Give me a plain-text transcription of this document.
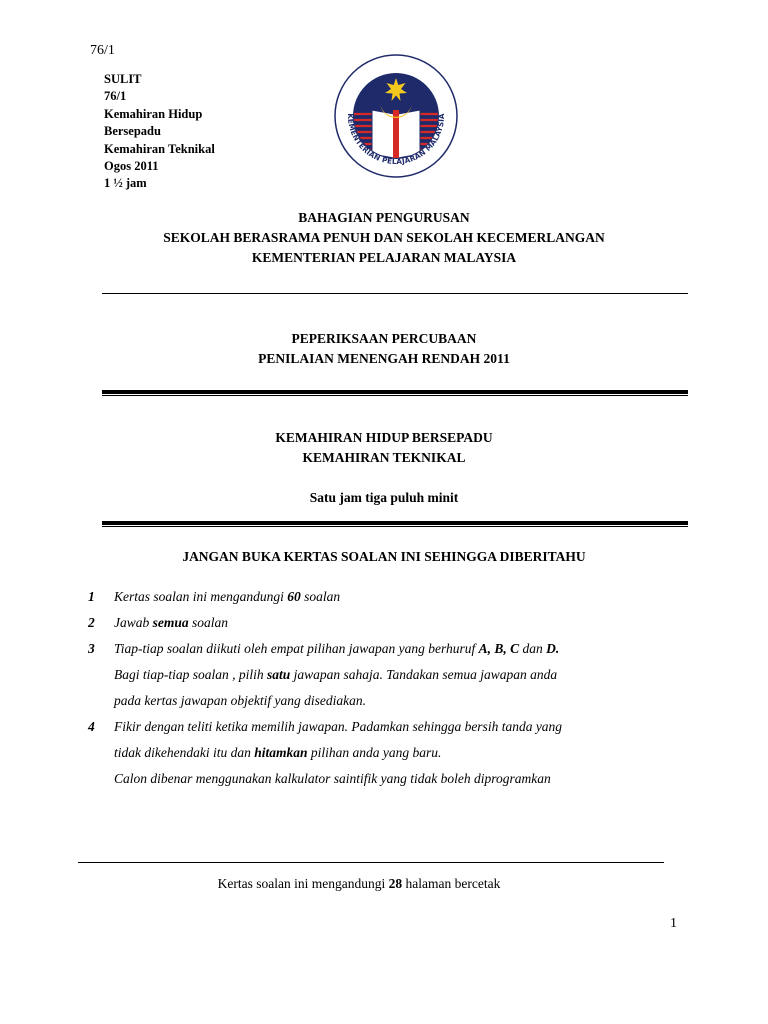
76/1
SULIT
76/1
Kemahiran Hidup
Bersepadu
Kemahiran Teknikal
Ogos 2011
1 ½ jam
KEMENTERIAN PELAJARAN MALAYSIA
BAHAGIAN PENGURUSAN
SEKOLAH BERASRAMA PENUH DAN SEKOLAH KECEMERLANGAN
KEMENTERIAN PELAJARAN MALAYSIA
PEPERIKSAAN PERCUBAAN
PENILAIAN MENENGAH RENDAH 2011
KEMAHIRAN HIDUP BERSEPADU
KEMAHIRAN TEKNIKAL
Satu jam tiga puluh minit
JANGAN BUKA KERTAS SOALAN INI SEHINGGA DIBERITAHU
1 Kertas soalan ini mengandungi 60 soalan
2 Jawab semua soalan
3 Tiap-tiap soalan diikuti oleh empat pilihan jawapan yang berhuruf A, B, C dan D.
Bagi tiap-tiap soalan , pilih satu jawapan sahaja. Tandakan semua jawapan anda
pada kertas jawapan objektif yang disediakan.
4 Fikir dengan teliti ketika memilih jawapan. Padamkan sehingga bersih tanda yang
tidak dikehendaki itu dan hitamkan pilihan anda yang baru.
Calon dibenar menggunakan kalkulator saintifik yang tidak boleh diprogramkan
Kertas soalan ini mengandungi 28 halaman bercetak
1
